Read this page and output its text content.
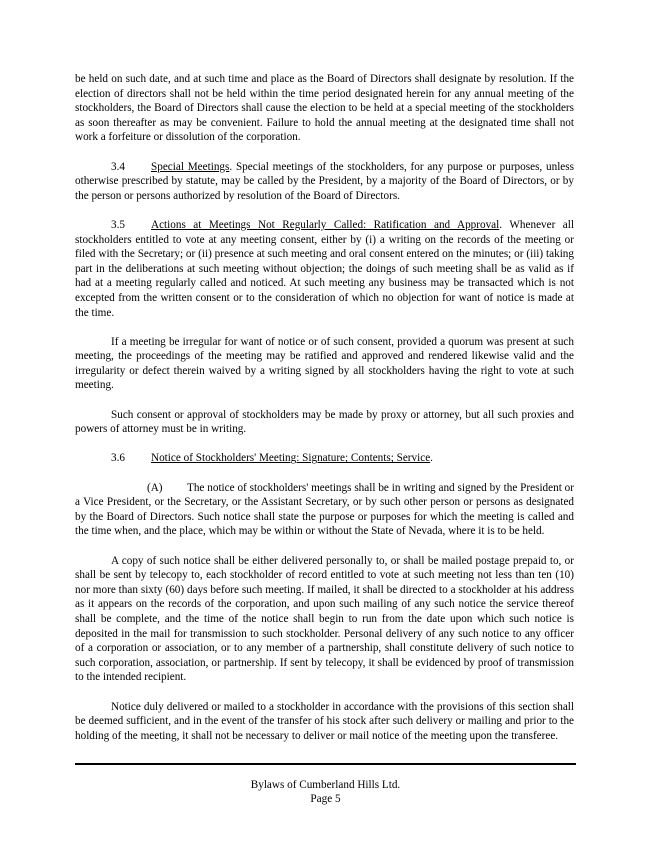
be held on such date, and at such time and place as the Board of Directors shall designate by resolution. If the election of directors shall not be held within the time period designated herein for any annual meeting of the stockholders, the Board of Directors shall cause the election to be held at a special meeting of the stockholders as soon thereafter as may be convenient. Failure to hold the annual meeting at the designated time shall not work a forfeiture or dissolution of the corporation.

3.4 Special Meetings. Special meetings of the stockholders, for any purpose or purposes, unless otherwise prescribed by statute, may be called by the President, by a majority of the Board of Directors, or by the person or persons authorized by resolution of the Board of Directors.

3.5 Actions at Meetings Not Regularly Called: Ratification and Approval. Whenever all stockholders entitled to vote at any meeting consent, either by (i) a writing on the records of the meeting or filed with the Secretary; or (ii) presence at such meeting and oral consent entered on the minutes; or (iii) taking part in the deliberations at such meeting without objection; the doings of such meeting shall be as valid as if had at a meeting regularly called and noticed. At such meeting any business may be transacted which is not excepted from the written consent or to the consideration of which no objection for want of notice is made at the time.

If a meeting be irregular for want of notice or of such consent, provided a quorum was present at such meeting, the proceedings of the meeting may be ratified and approved and rendered likewise valid and the irregularity or defect therein waived by a writing signed by all stockholders having the right to vote at such meeting.

Such consent or approval of stockholders may be made by proxy or attorney, but all such proxies and powers of attorney must be in writing.

3.6 Notice of Stockholders' Meeting: Signature; Contents; Service.

(A) The notice of stockholders' meetings shall be in writing and signed by the President or a Vice President, or the Secretary, or the Assistant Secretary, or by such other person or persons as designated by the Board of Directors. Such notice shall state the purpose or purposes for which the meeting is called and the time when, and the place, which may be within or without the State of Nevada, where it is to be held.

A copy of such notice shall be either delivered personally to, or shall be mailed postage prepaid to, or shall be sent by telecopy to, each stockholder of record entitled to vote at such meeting not less than ten (10) nor more than sixty (60) days before such meeting. If mailed, it shall be directed to a stockholder at his address as it appears on the records of the corporation, and upon such mailing of any such notice the service thereof shall be complete, and the time of the notice shall begin to run from the date upon which such notice is deposited in the mail for transmission to such stockholder. Personal delivery of any such notice to any officer of a corporation or association, or to any member of a partnership, shall constitute delivery of such notice to such corporation, association, or partnership. If sent by telecopy, it shall be evidenced by proof of transmission to the intended recipient.

Notice duly delivered or mailed to a stockholder in accordance with the provisions of this section shall be deemed sufficient, and in the event of the transfer of his stock after such delivery or mailing and prior to the holding of the meeting, it shall not be necessary to deliver or mail notice of the meeting upon the transferee.

Bylaws of Cumberland Hills Ltd.
Page 5
